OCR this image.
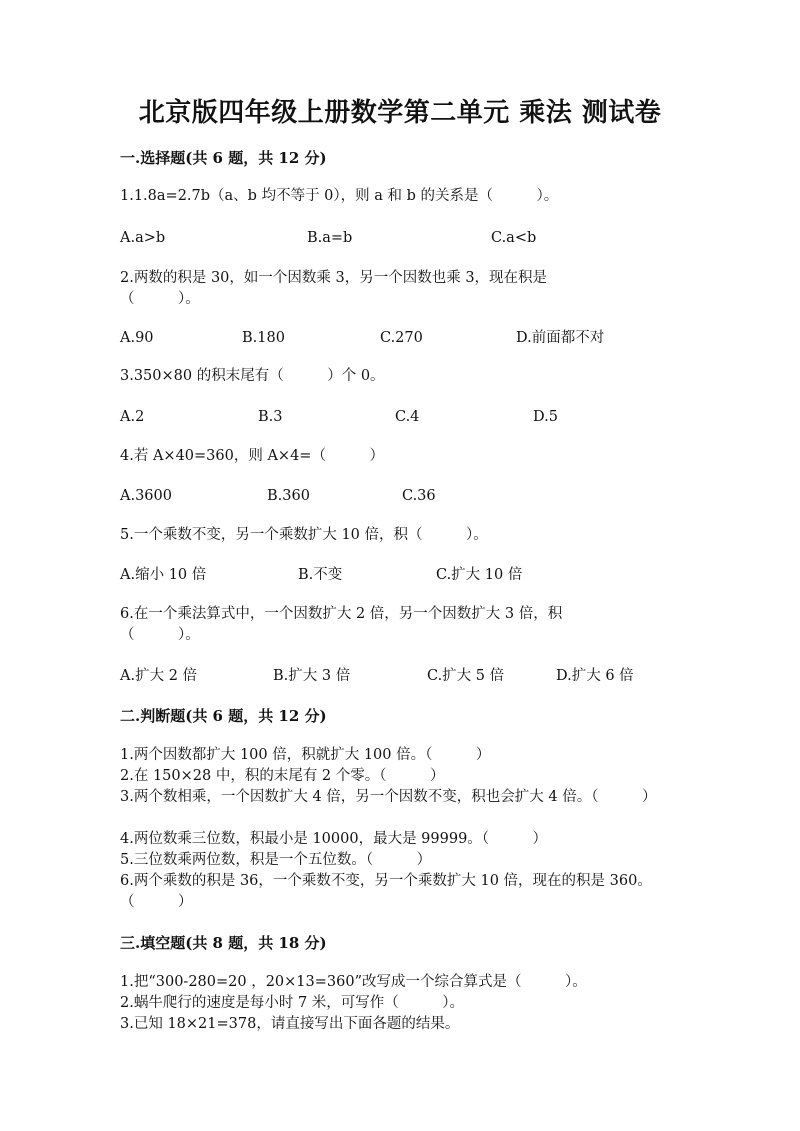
北京版四年级上册数学第二单元 乘法 测试卷
一.选择题(共 6 题，共 12 分)
1.1.8a=2.7b（a、b 均不等于 0），则 a 和 b 的关系是（　　　）。
A.a>b	B.a=b	C.a<b
2.两数的积是 30，如一个因数乘 3，另一个因数也乘 3，现在积是（　　　）。
A.90	B.180	C.270	D.前面都不对
3.350×80 的积末尾有（　　　）个 0。
A.2	B.3	C.4	D.5
4.若 A×40=360，则 A×4=（　　　）
A.3600	B.360	C.36
5.一个乘数不变，另一个乘数扩大 10 倍，积（　　　）。
A.缩小 10 倍	B.不变	C.扩大 10 倍
6.在一个乘法算式中，一个因数扩大 2 倍，另一个因数扩大 3 倍，积（　　　）。
A.扩大 2 倍	B.扩大 3 倍	C.扩大 5 倍	D.扩大 6 倍
二.判断题(共 6 题，共 12 分)
1.两个因数都扩大 100 倍，积就扩大 100 倍。（　　　）
2.在 150×28 中，积的末尾有 2 个零。（　　　）
3.两个数相乘，一个因数扩大 4 倍，另一个因数不变，积也会扩大 4 倍。（　　　）
4.两位数乘三位数，积最小是 10000，最大是 99999。（　　　）
5.三位数乘两位数，积是一个五位数。（　　　）
6.两个乘数的积是 36，一个乘数不变，另一个乘数扩大 10 倍，现在的积是 360。（　　　）
三.填空题(共 8 题，共 18 分)
1.把“300-280=20 ，20×13=360”改写成一个综合算式是（　　　）。
2.蜗牛爬行的速度是每小时 7 米，可写作（　　　）。
3.已知 18×21=378，请直接写出下面各题的结果。
